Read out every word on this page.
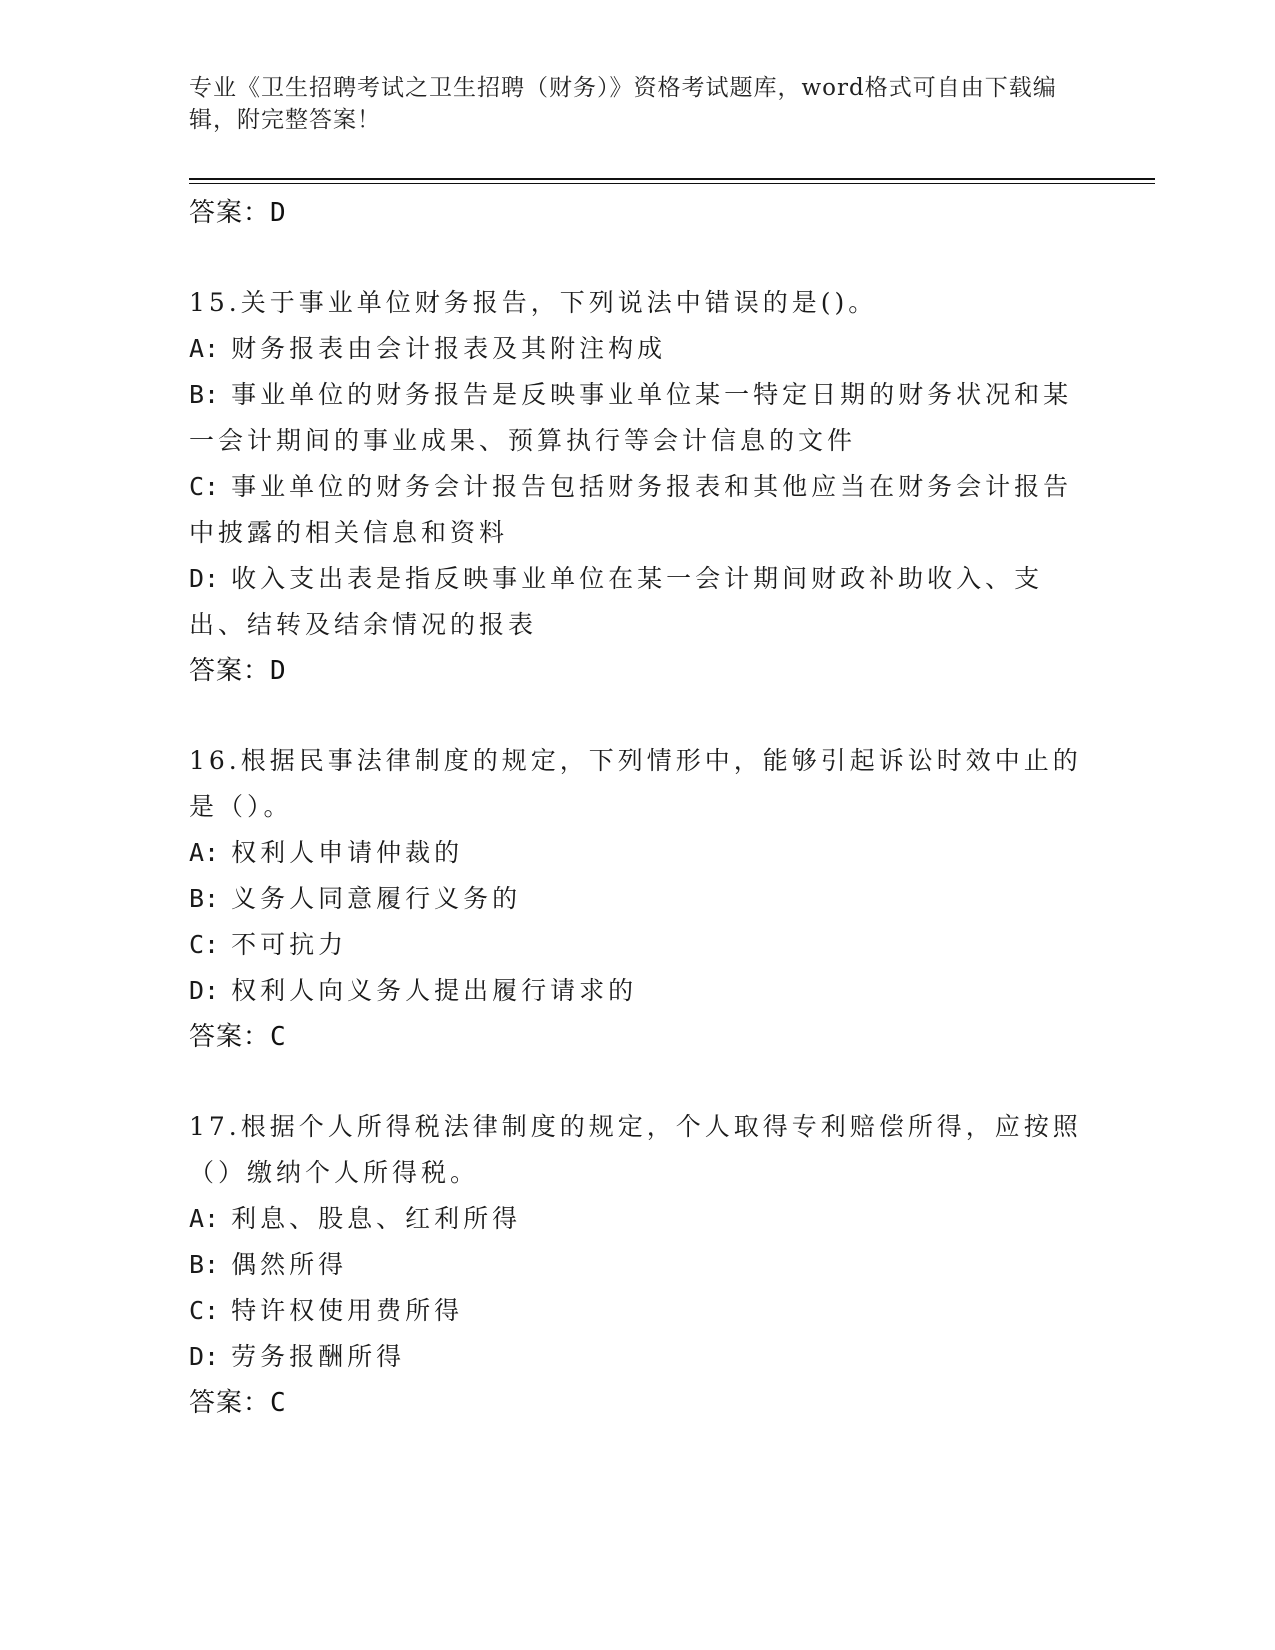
专业《卫生招聘考试之卫生招聘（财务）》资格考试题库，word格式可自由下载编辑，附完整答案！
答案：D
15.关于事业单位财务报告，下列说法中错误的是()。
A: 财务报表由会计报表及其附注构成
B: 事业单位的财务报告是反映事业单位某一特定日期的财务状况和某一会计期间的事业成果、预算执行等会计信息的文件
C: 事业单位的财务会计报告包括财务报表和其他应当在财务会计报告中披露的相关信息和资料
D: 收入支出表是指反映事业单位在某一会计期间财政补助收入、支出、结转及结余情况的报表
答案：D
16.根据民事法律制度的规定，下列情形中，能够引起诉讼时效中止的是（）。
A: 权利人申请仲裁的
B: 义务人同意履行义务的
C: 不可抗力
D: 权利人向义务人提出履行请求的
答案：C
17.根据个人所得税法律制度的规定，个人取得专利赔偿所得，应按照（）缴纳个人所得税。
A: 利息、股息、红利所得
B: 偶然所得
C: 特许权使用费所得
D: 劳务报酬所得
答案：C
